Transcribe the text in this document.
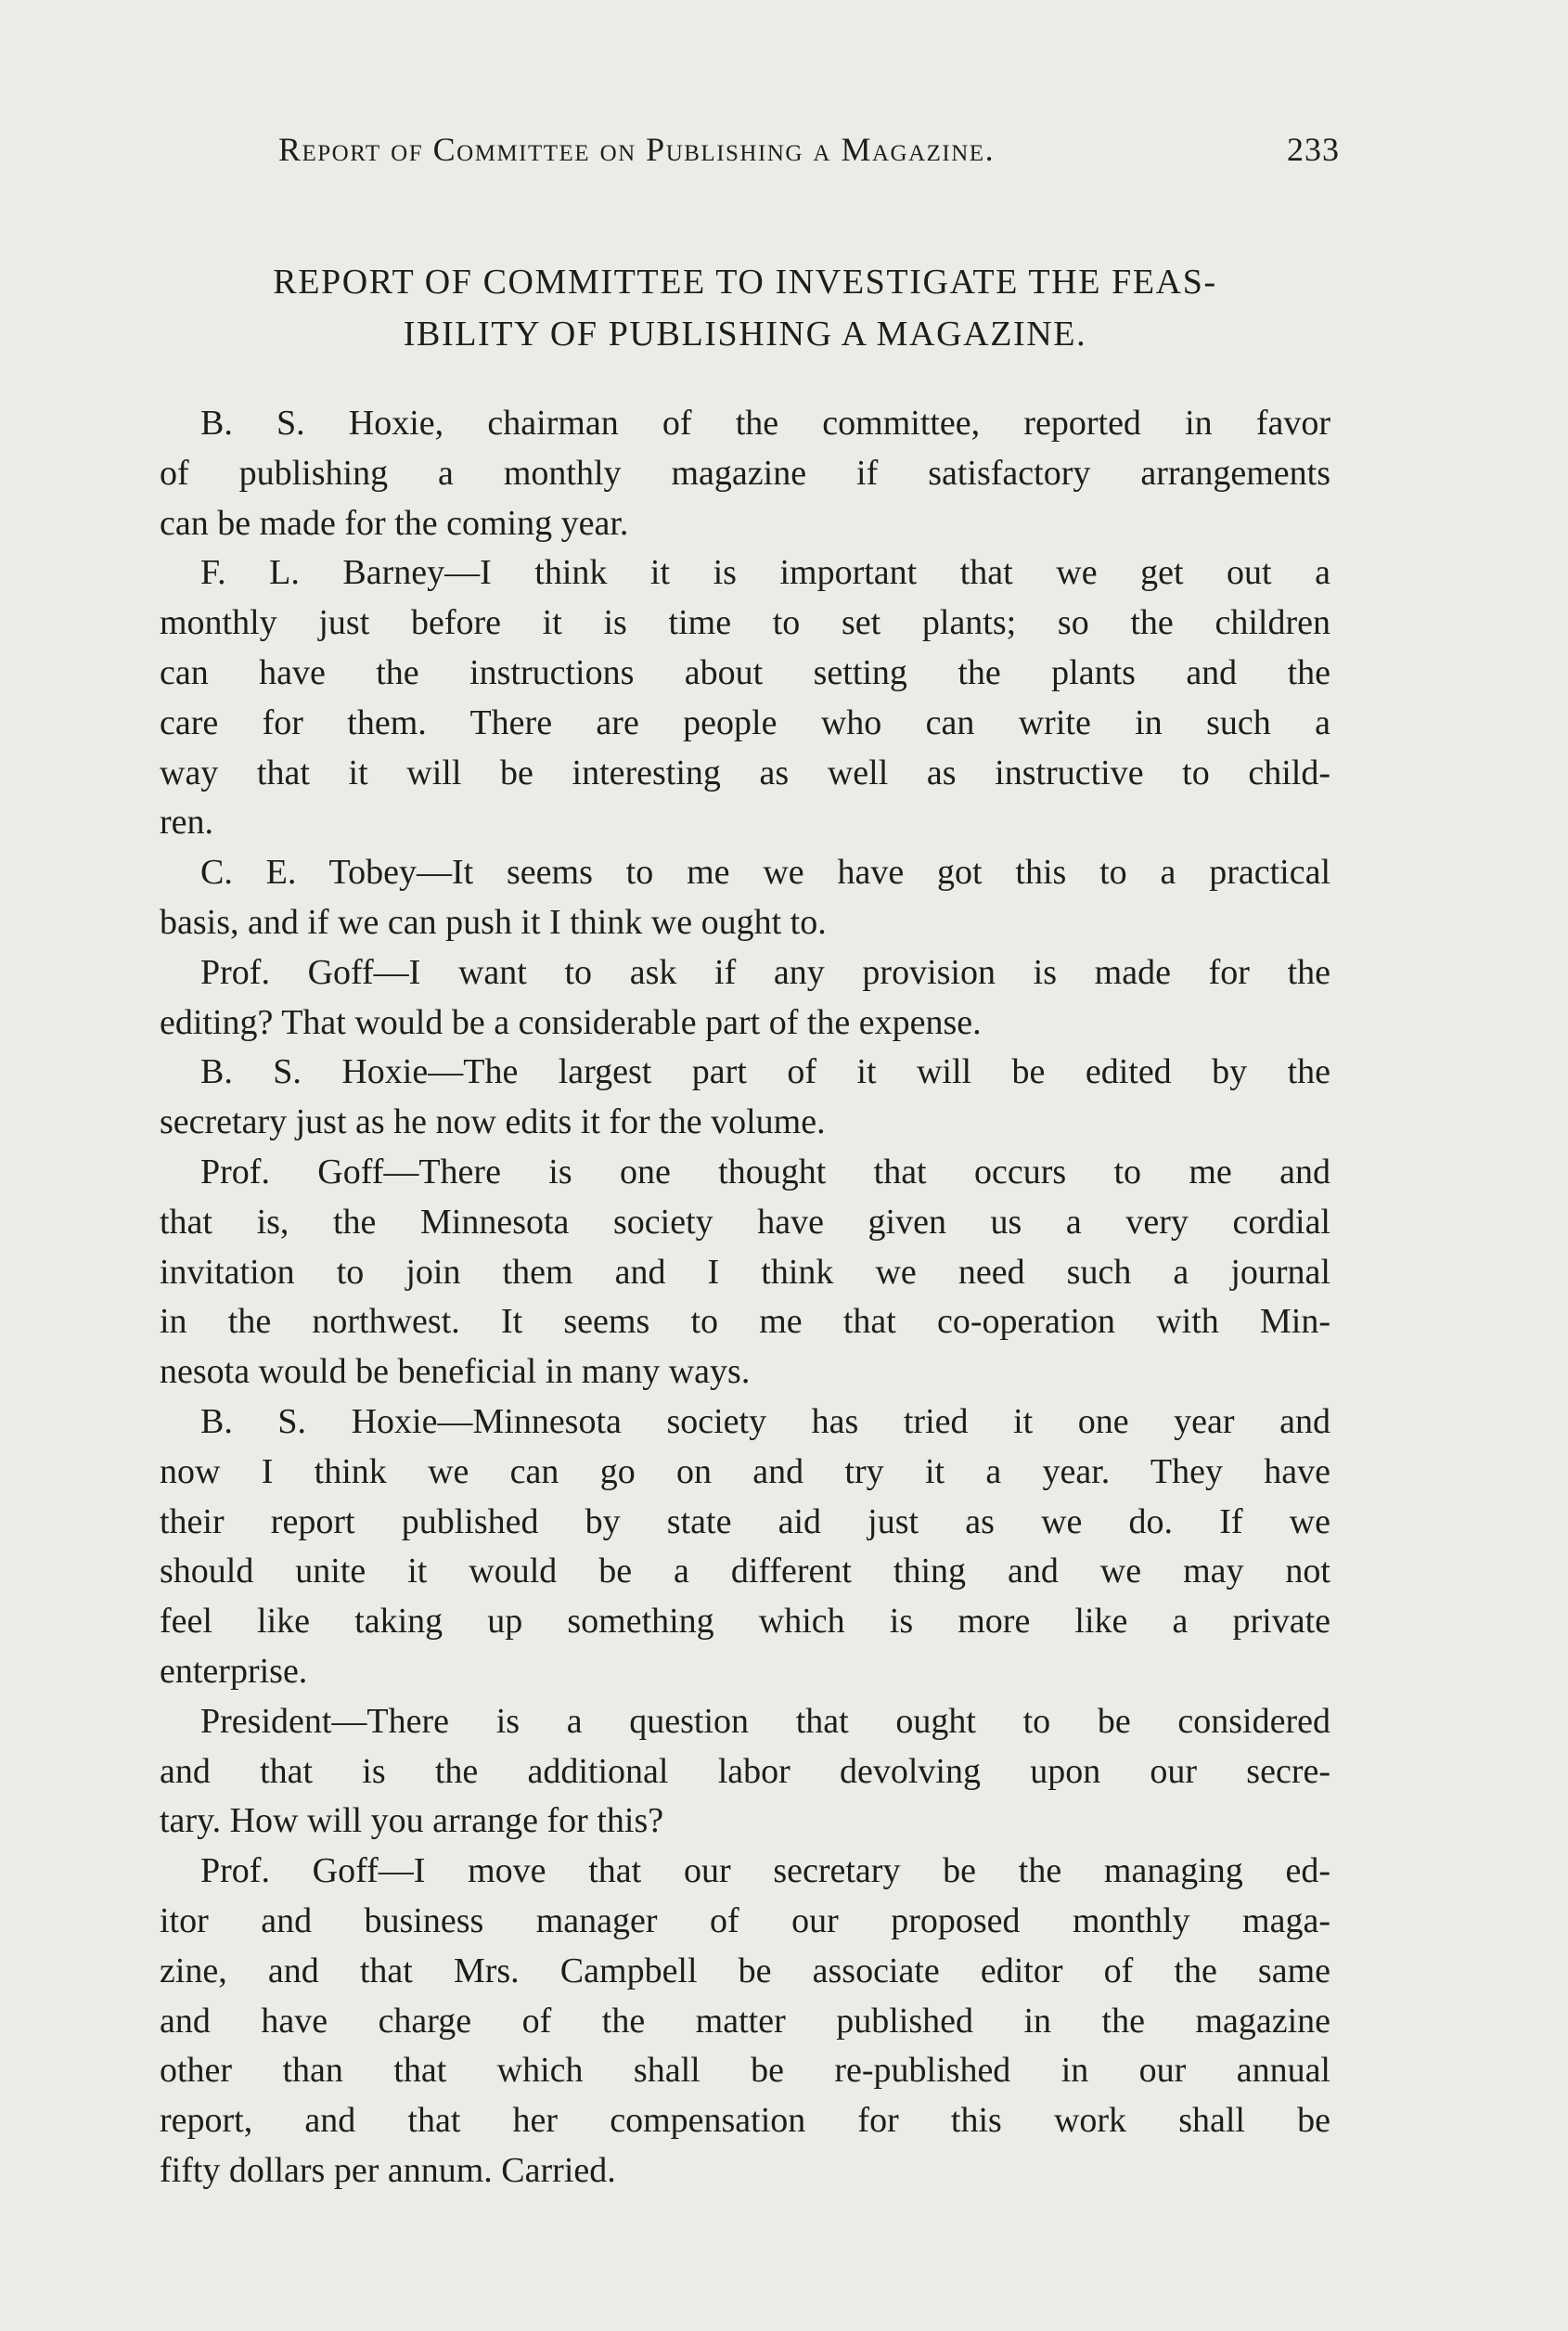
Report of Committee on Publishing a Magazine.	233
REPORT OF COMMITTEE TO INVESTIGATE THE FEAS-
IBILITY OF PUBLISHING A MAGAZINE.
B. S. Hoxie, chairman of the committee, reported in favor
of publishing a monthly magazine if satisfactory arrangements
can be made for the coming year.
F. L. Barney—I think it is important that we get out a
monthly just before it is time to set plants; so the children
can have the instructions about setting the plants and the
care for them. There are people who can write in such a
way that it will be interesting as well as instructive to child-
ren.
C. E. Tobey—It seems to me we have got this to a practical
basis, and if we can push it I think we ought to.
Prof. Goff—I want to ask if any provision is made for the
editing? That would be a considerable part of the expense.
B. S. Hoxie—The largest part of it will be edited by the
secretary just as he now edits it for the volume.
Prof. Goff—There is one thought that occurs to me and
that is, the Minnesota society have given us a very cordial
invitation to join them and I think we need such a journal
in the northwest. It seems to me that co-operation with Min-
nesota would be beneficial in many ways.
B. S. Hoxie—Minnesota society has tried it one year and
now I think we can go on and try it a year. They have
their report published by state aid just as we do. If we
should unite it would be a different thing and we may not
feel like taking up something which is more like a private
enterprise.
President—There is a question that ought to be considered
and that is the additional labor devolving upon our secre-
tary. How will you arrange for this?
Prof. Goff—I move that our secretary be the managing ed-
itor and business manager of our proposed monthly maga-
zine, and that Mrs. Campbell be associate editor of the same
and have charge of the matter published in the magazine
other than that which shall be re-published in our annual
report, and that her compensation for this work shall be
fifty dollars per annum. Carried.
